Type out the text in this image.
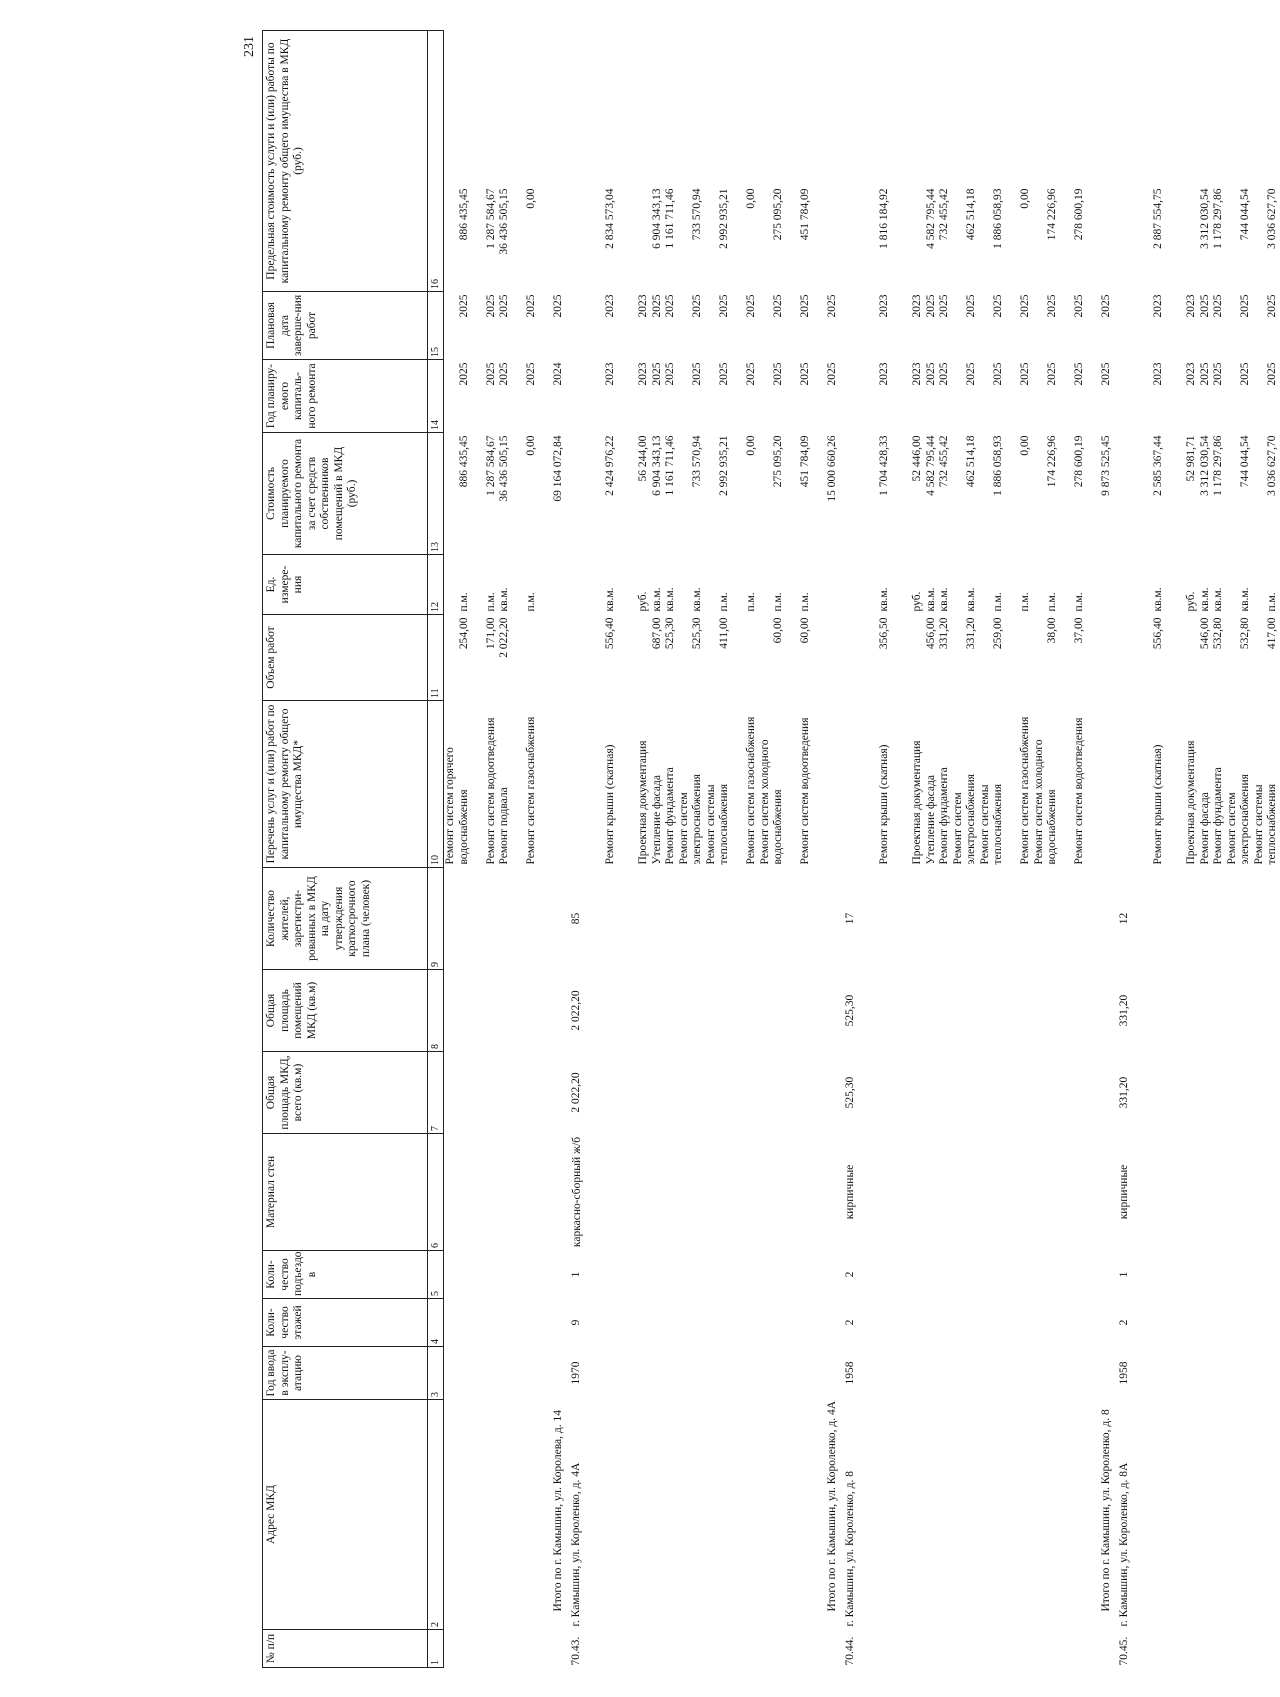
231
№ п/п	Адрес МКД	Год ввода в эксплу-атацию	Коли-чество этажей	Коли-чество подъездо в	Материал стен	Общая площадь МКД, всего (кв.м)	Общая площадь помещений МКД (кв.м)	Количество жителей, зарегистри-рованных в МКД на дату утверждения краткосрочного плана (человек)	Перечень услуг и (или) работ по капитальному ремонту общего имущества МКД*	Объем работ	Ед. измере-ния	Стоимость планируемого капитального ремонта за счет средств собственников помещений в МКД (руб.)	Год планиру-емого капиталь-ного ремонта	Плановая дата заверше-ния работ	Предельная стоимость услуги и (или) работы по капитальному ремонту общего имущества в МКД (руб.)	
1	2	3	4	5	6	7	8	9	10	11	12	13	14	15	16	
									Ремонт систем горячего водоснабжения	254,00	п.м.	886 435,45	2025	2025	886 435,45	
									Ремонт систем водоотведения	171,00	п.м.	1 287 584,67	2025	2025	1 287 584,67	
									Ремонт подвала	2 022,20	кв.м.	36 436 505,15	2025	2025	36 436 505,15	
									Ремонт систем газоснабжения		п.м.	0,00	2025	2025	0,00	
	Итого по г. Камышин, ул. Королева, д. 14											69 164 072,84	2024	2025		
70.43.	г. Камышин, ул. Короленко, д. 4А	1970	9	1	каркасно-сборный ж/б	2 022,20	2 022,20	85								

									Ремонт крыши (скатная)	556,40	кв.м.	2 424 976,22	2023	2023	2 834 573,04	

									Проектная документация		руб.	56 244,00	2023	2023		
									Утепление фасада	687,00	кв.м.	6 904 343,13	2025	2025	6 904 343,13	
									Ремонт фундамента	525,30	кв.м.	1 161 711,46	2025	2025	1 161 711,46	
									Ремонт систем электроснабжения	525,30	кв.м.	733 570,94	2025	2025	733 570,94	
									Ремонт системы теплоснабжения	411,00	п.м.	2 992 935,21	2025	2025	2 992 935,21	
									Ремонт систем газоснабжения		п.м.	0,00	2025	2025	0,00	
									Ремонт систем холодного водоснабжения	60,00	п.м.	275 095,20	2025	2025	275 095,20	
									Ремонт систем водоотведения	60,00	п.м.	451 784,09	2025	2025	451 784,09	
	Итого по г. Камышин, ул. Короленко, д. 4А											15 000 660,26	2025	2025		
70.44.	г. Камышин, ул. Короленко, д. 8	1958	2	2	кирпичные	525,30	525,30	17								

									Ремонт крыши (скатная)	356,50	кв.м.	1 704 428,33	2023	2023	1 816 184,92	

									Проектная документация		руб.	52 446,00	2023	2023		
									Утепление фасада	456,00	кв.м.	4 582 795,44	2025	2025	4 582 795,44	
									Ремонт фундамента	331,20	кв.м.	732 455,42	2025	2025	732 455,42	
									Ремонт систем электроснабжения	331,20	кв.м.	462 514,18	2025	2025	462 514,18	
									Ремонт системы теплоснабжения	259,00	п.м.	1 886 058,93	2025	2025	1 886 058,93	
									Ремонт систем газоснабжения		п.м.	0,00	2025	2025	0,00	
									Ремонт систем холодного водоснабжения	38,00	п.м.	174 226,96	2025	2025	174 226,96	
									Ремонт систем водоотведения	37,00	п.м.	278 600,19	2025	2025	278 600,19	
	Итого по г. Камышин, ул. Короленко, д. 8											9 873 525,45	2025	2025		
70.45.	г. Камышин, ул. Короленко, д. 8А	1958	2	1	кирпичные	331,20	331,20	12								

									Ремонт крыши (скатная)	556,40	кв.м.	2 585 367,44	2023	2023	2 887 554,75	

									Проектная документация		руб.	52 981,71	2023	2023		
									Ремонт фасада	546,00	кв.м.	3 312 030,54	2025	2025	3 312 030,54	
									Ремонт фундамента	532,80	кв.м.	1 178 297,86	2025	2025	1 178 297,86	
									Ремонт систем электроснабжения	532,80	кв.м.	744 044,54	2025	2025	744 044,54	
									Ремонт системы теплоснабжения	417,00	п.м.	3 036 627,70	2025	2025	3 036 627,70	
